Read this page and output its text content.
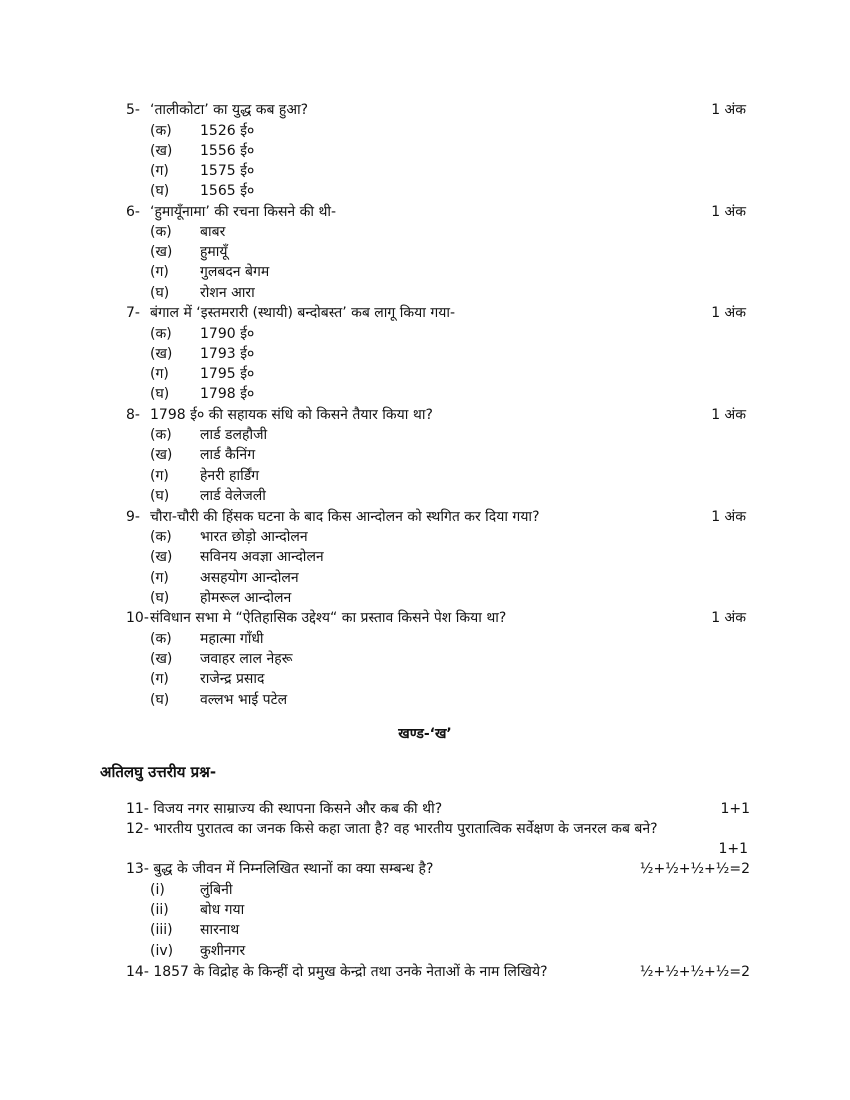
5- ‘तालीकोटा’ का युद्ध कब हुआ?	1 अंक
(क) 1526 ई०
(ख) 1556 ई०
(ग) 1575 ई०
(घ) 1565 ई०
6- ‘हुमायूँनामा’ की रचना किसने की थी-	1 अंक
(क) बाबर
(ख) हुमायूँ
(ग) गुलबदन बेगम
(घ) रोशन आरा
7- बंगाल में ‘इस्तमरारी (स्थायी) बन्दोबस्त’ कब लागू किया गया-	1 अंक
(क) 1790 ई०
(ख) 1793 ई०
(ग) 1795 ई०
(घ) 1798 ई०
8- 1798 ई० की सहायक संधि को किसने तैयार किया था?	1 अंक
(क) लार्ड डलहौजी
(ख) लार्ड कैनिंग
(ग) हेनरी हार्डिंग
(घ) लार्ड वेलेजली
9- चौरा-चौरी की हिंसक घटना के बाद किस आन्दोलन को स्थगित कर दिया गया?	1 अंक
(क) भारत छोड़ो आन्दोलन
(ख) सविनय अवज्ञा आन्दोलन
(ग) असहयोग आन्दोलन
(घ) होमरूल आन्दोलन
10- संविधान सभा मे “ऐतिहासिक उद्देश्य“ का प्रस्ताव किसने पेश किया था?	1 अंक
(क) महात्मा गाँधी
(ख) जवाहर लाल नेहरू
(ग) राजेन्द्र प्रसाद
(घ) वल्लभ भाई पटेल
खण्ड-‘ख’
अतिलघु उत्तरीय प्रश्न-
11- विजय नगर साम्राज्य की स्थापना किसने और कब की थी?	1+1
12- भारतीय पुरातत्व का जनक किसे कहा जाता है? वह भारतीय पुरातात्विक सर्वेक्षण के जनरल कब बने?
1+1
13- बुद्ध के जीवन में निम्नलिखित स्थानों का क्या सम्बन्ध है?	½+½+½+½=2
(i)	लुंबिनी
(ii) बोध गया
(iii) सारनाथ
(iv) कुशीनगर
14- 1857 के विद्रोह के किन्हीं दो प्रमुख केन्द्रो तथा उनके नेताओं के नाम लिखिये?	½+½+½+½=2
